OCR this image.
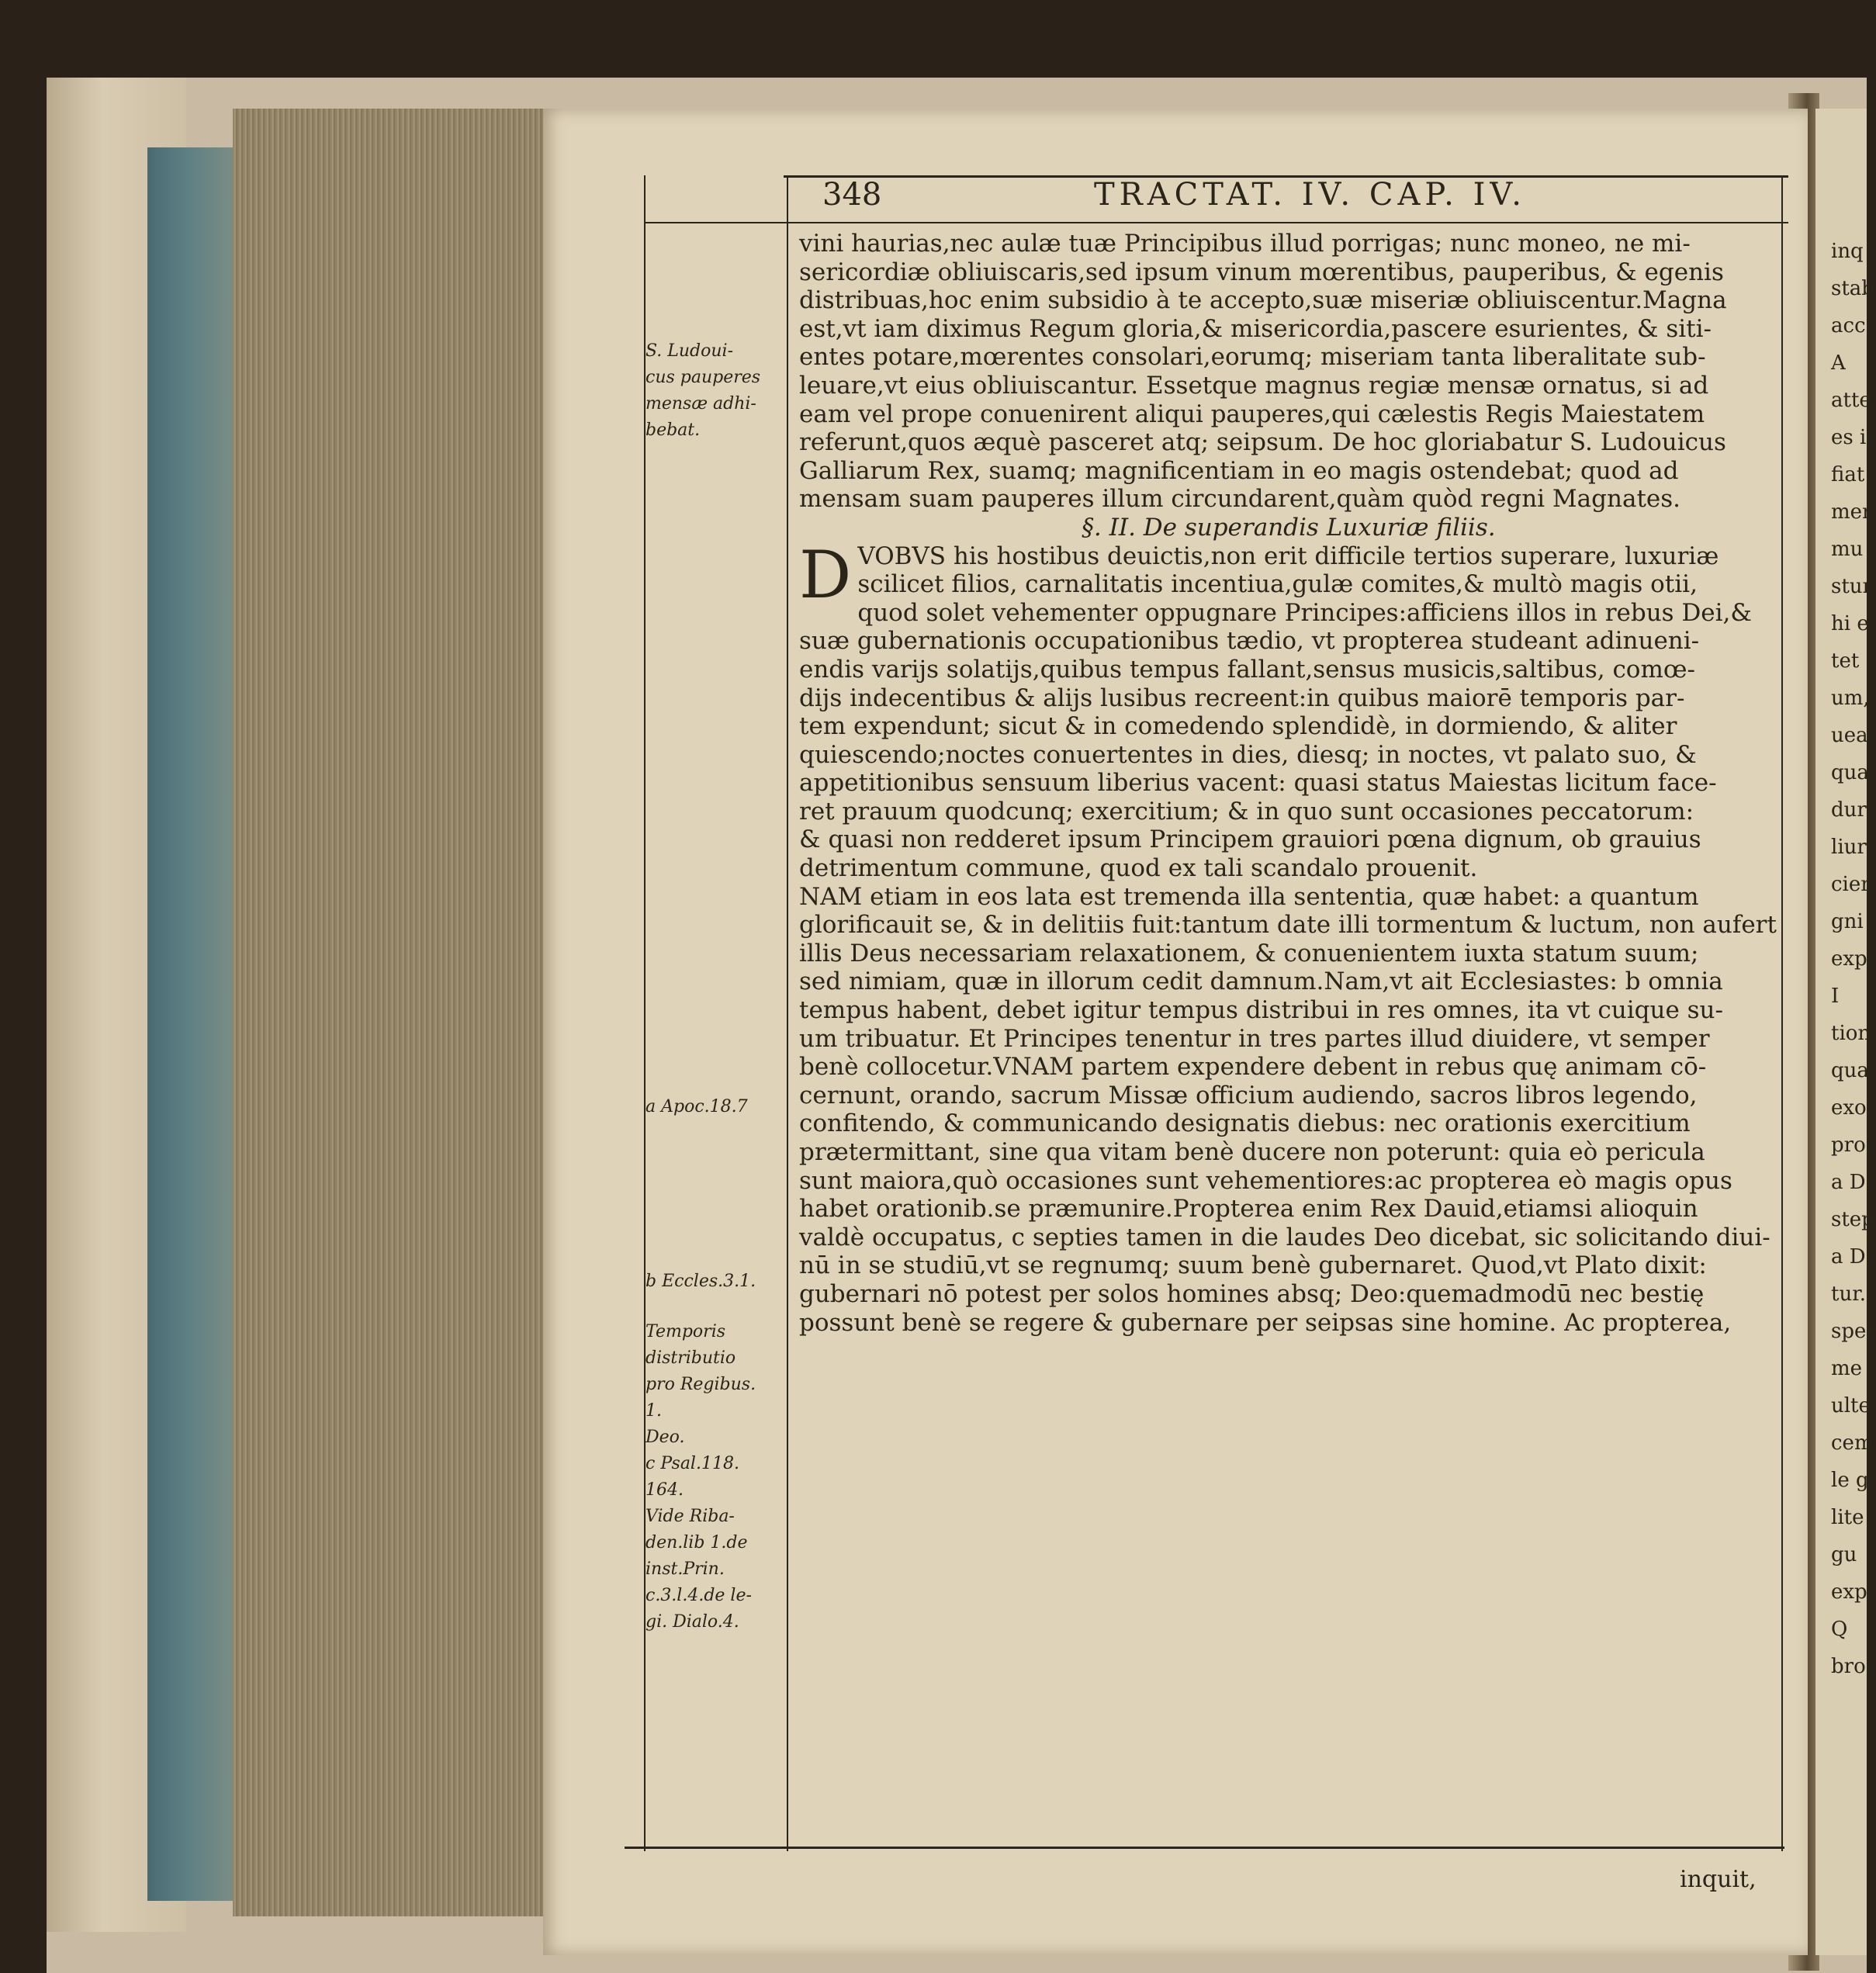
inq
stab
acc
A
atte
es i
fiat
mer
mu
stur
hi e
tet
um,
uea
qua
dur
liur
cier
gni
exp
I
tion
qua
exo
pro
a D
step
a D
tur.
sper
me
ulte
cem
le g
lite
gu
exp
Q
bro
348	TRACTAT. IV. CAP. IV.
S. Ludoui-
cus pauperes
mensæ adhi-
bebat.
a Apoc.18.7
b Eccles.3.1.
Temporis
distributio
pro Regibus.
1.
Deo.
c Psal.118.
164.
Vide Riba-
den.lib 1.de
inst.Prin.
c.3.l.4.de le-
gi. Dialo.4.
vini haurias,nec aulæ tuæ Principibus illud porrigas; nunc moneo, ne mi-
sericordiæ obliuiscaris,sed ipsum vinum mœrentibus, pauperibus, & egenis
distribuas,hoc enim subsidio à te accepto,suæ miseriæ obliuiscentur.Magna
est,vt iam diximus Regum gloria,& misericordia,pascere esurientes, & siti-
entes potare,mœrentes consolari,eorumq; miseriam tanta liberalitate sub-
leuare,vt eius obliuiscantur. Essetque magnus regiæ mensæ ornatus, si ad
eam vel prope conuenirent aliqui pauperes,qui cælestis Regis Maiestatem
referunt,quos æquè pasceret atq; seipsum. De hoc gloriabatur S. Ludouicus
Galliarum Rex, suamq; magnificentiam in eo magis ostendebat; quod ad
mensam suam pauperes illum circundarent,quàm quòd regni Magnates.
§. II. De superandis Luxuriæ filiis.
D VOBVS his hostibus deuictis,non erit difficile tertios superare, luxuriæ
scilicet filios, carnalitatis incentiua,gulæ comites,& multò magis otii,
quod solet vehementer oppugnare Principes:afficiens illos in rebus Dei,&
suæ gubernationis occupationibus tædio, vt propterea studeant adinueni-
endis varijs solatijs,quibus tempus fallant,sensus musicis,saltibus, comœ-
dijs indecentibus & alijs lusibus recreent:in quibus maiorē temporis par-
tem expendunt; sicut & in comedendo splendidè, in dormiendo, & aliter
quiescendo;noctes conuertentes in dies, diesq; in noctes, vt palato suo, &
appetitionibus sensuum liberius vacent: quasi status Maiestas licitum face-
ret prauum quodcunq; exercitium; & in quo sunt occasiones peccatorum:
& quasi non redderet ipsum Principem grauiori pœna dignum, ob grauius
detrimentum commune, quod ex tali scandalo prouenit.
NAM etiam in eos lata est tremenda illa sententia, quæ habet: a quantum
glorificauit se, & in delitiis fuit:tantum date illi tormentum & luctum, non aufert
illis Deus necessariam relaxationem, & conuenientem iuxta statum suum;
sed nimiam, quæ in illorum cedit damnum.Nam,vt ait Ecclesiastes: b omnia
tempus habent, debet igitur tempus distribui in res omnes, ita vt cuique su-
um tribuatur. Et Principes tenentur in tres partes illud diuidere, vt semper
benè collocetur.VNAM partem expendere debent in rebus quę animam cō-
cernunt, orando, sacrum Missæ officium audiendo, sacros libros legendo,
confitendo, & communicando designatis diebus: nec orationis exercitium
prætermittant, sine qua vitam benè ducere non poterunt: quia eò pericula
sunt maiora,quò occasiones sunt vehementiores:ac propterea eò magis opus
habet orationib.se præmunire.Propterea enim Rex Dauid,etiamsi alioquin
valdè occupatus, c septies tamen in die laudes Deo dicebat, sic solicitando diui-
nū in se studiū,vt se regnumq; suum benè gubernaret. Quod,vt Plato dixit:
gubernari nō potest per solos homines absq; Deo:quemadmodū nec bestię
possunt benè se regere & gubernare per seipsas sine homine. Ac propterea,
inquit,
